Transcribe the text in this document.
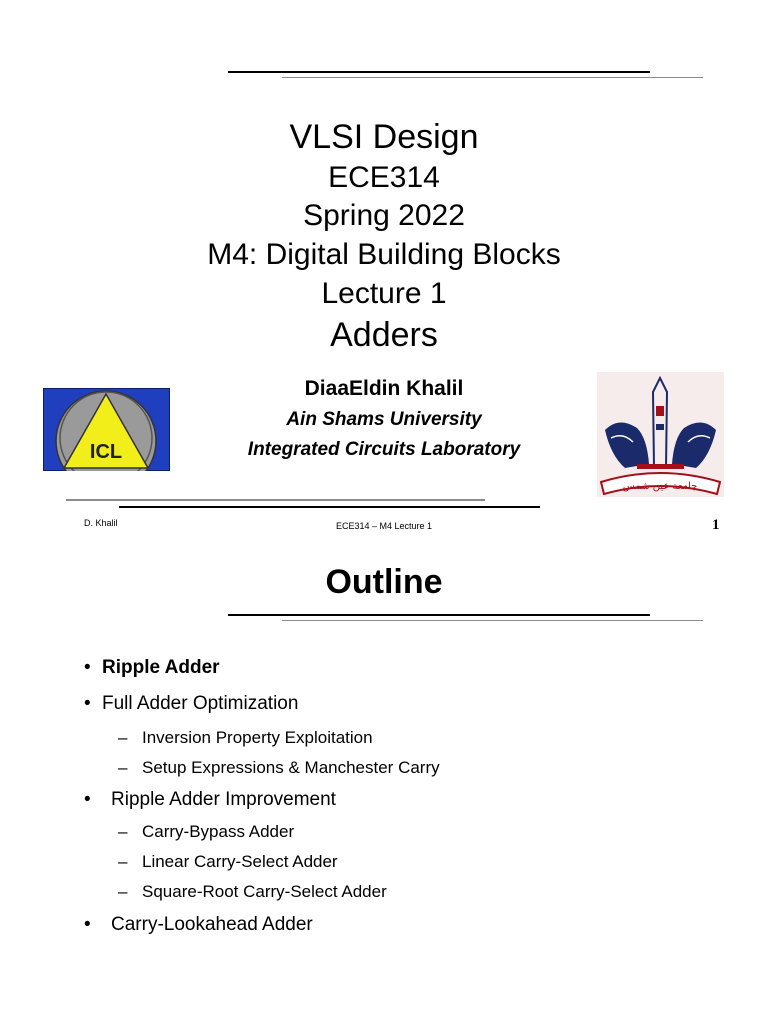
VLSI Design
ECE314
Spring 2022
M4: Digital Building Blocks
Lecture 1
Adders
DiaaEldin Khalil
Ain Shams University
Integrated Circuits Laboratory
ICL
جامعة عين شمس
D. Khalil	ECE314 – M4 Lecture 1	1
Outline
• Ripple Adder
• Full Adder Optimization
– Inversion Property Exploitation
– Setup Expressions & Manchester Carry
• Ripple Adder Improvement
– Carry-Bypass Adder
– Linear Carry-Select Adder
– Square-Root Carry-Select Adder
• Carry-Lookahead Adder
